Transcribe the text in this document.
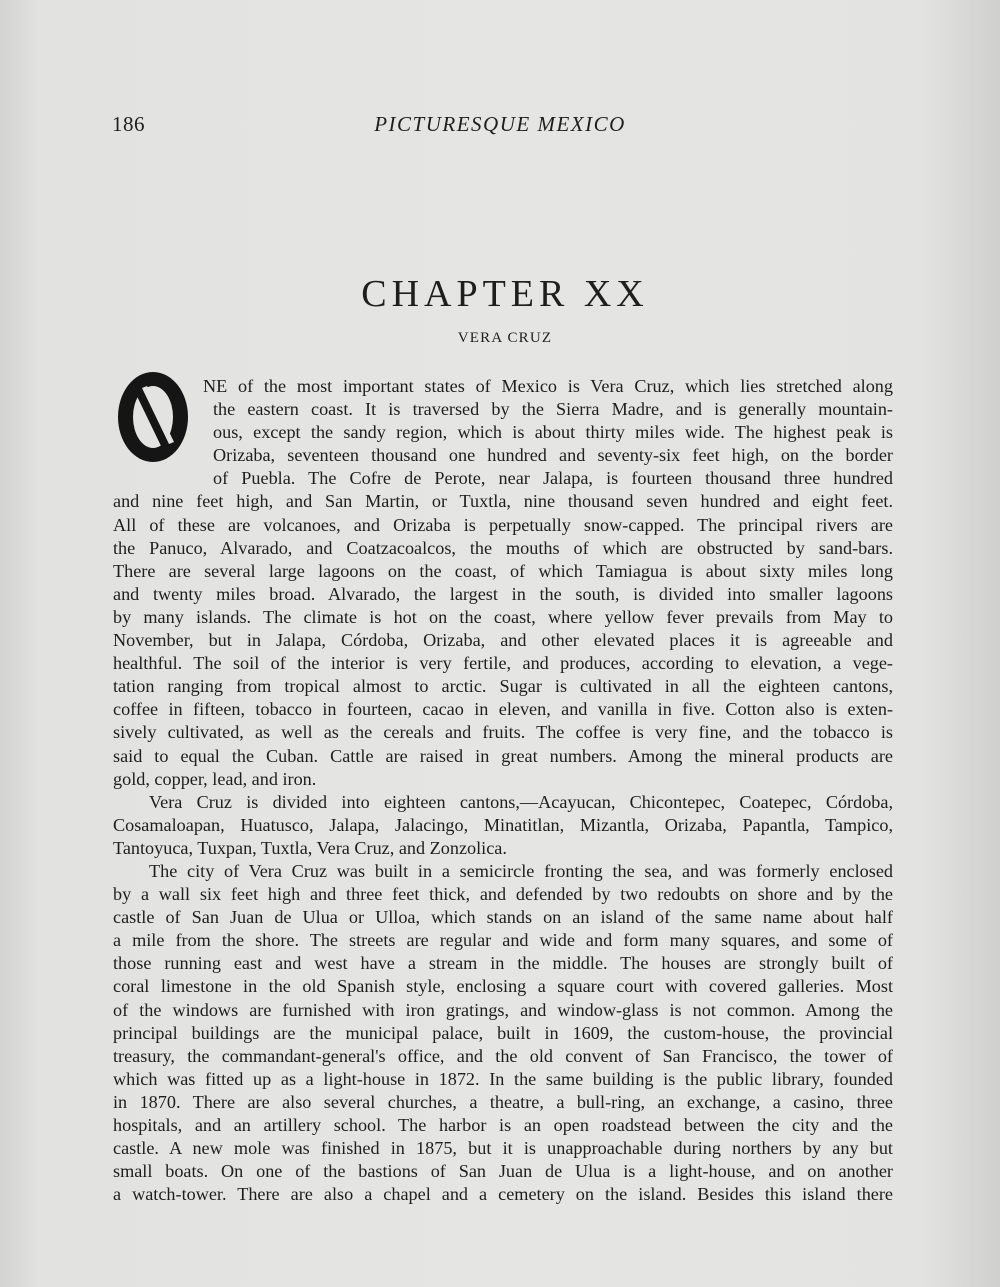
186	PICTURESQUE MEXICO
CHAPTER XX
VERA CRUZ
NE of the most important states of Mexico is Vera Cruz, which lies stretched along
the eastern coast. It is traversed by the Sierra Madre, and is generally mountain-
ous, except the sandy region, which is about thirty miles wide. The highest peak is
Orizaba, seventeen thousand one hundred and seventy-six feet high, on the border
of Puebla. The Cofre de Perote, near Jalapa, is fourteen thousand three hundred
and nine feet high, and San Martin, or Tuxtla, nine thousand seven hundred and eight feet.
All of these are volcanoes, and Orizaba is perpetually snow-capped. The principal rivers are
the Panuco, Alvarado, and Coatzacoalcos, the mouths of which are obstructed by sand-bars.
There are several large lagoons on the coast, of which Tamiagua is about sixty miles long
and twenty miles broad. Alvarado, the largest in the south, is divided into smaller lagoons
by many islands. The climate is hot on the coast, where yellow fever prevails from May to
November, but in Jalapa, Córdoba, Orizaba, and other elevated places it is agreeable and
healthful. The soil of the interior is very fertile, and produces, according to elevation, a vege-
tation ranging from tropical almost to arctic. Sugar is cultivated in all the eighteen cantons,
coffee in fifteen, tobacco in fourteen, cacao in eleven, and vanilla in five. Cotton also is exten-
sively cultivated, as well as the cereals and fruits. The coffee is very fine, and the tobacco is
said to equal the Cuban. Cattle are raised in great numbers. Among the mineral products are
gold, copper, lead, and iron.
Vera Cruz is divided into eighteen cantons,—Acayucan, Chicontepec, Coatepec, Córdoba,
Cosamaloapan, Huatusco, Jalapa, Jalacingo, Minatitlan, Mizantla, Orizaba, Papantla, Tampico,
Tantoyuca, Tuxpan, Tuxtla, Vera Cruz, and Zonzolica.
The city of Vera Cruz was built in a semicircle fronting the sea, and was formerly enclosed
by a wall six feet high and three feet thick, and defended by two redoubts on shore and by the
castle of San Juan de Ulua or Ulloa, which stands on an island of the same name about half
a mile from the shore. The streets are regular and wide and form many squares, and some of
those running east and west have a stream in the middle. The houses are strongly built of
coral limestone in the old Spanish style, enclosing a square court with covered galleries. Most
of the windows are furnished with iron gratings, and window-glass is not common. Among the
principal buildings are the municipal palace, built in 1609, the custom-house, the provincial
treasury, the commandant-general's office, and the old convent of San Francisco, the tower of
which was fitted up as a light-house in 1872. In the same building is the public library, founded
in 1870. There are also several churches, a theatre, a bull-ring, an exchange, a casino, three
hospitals, and an artillery school. The harbor is an open roadstead between the city and the
castle. A new mole was finished in 1875, but it is unapproachable during northers by any but
small boats. On one of the bastions of San Juan de Ulua is a light-house, and on another
a watch-tower. There are also a chapel and a cemetery on the island. Besides this island there
